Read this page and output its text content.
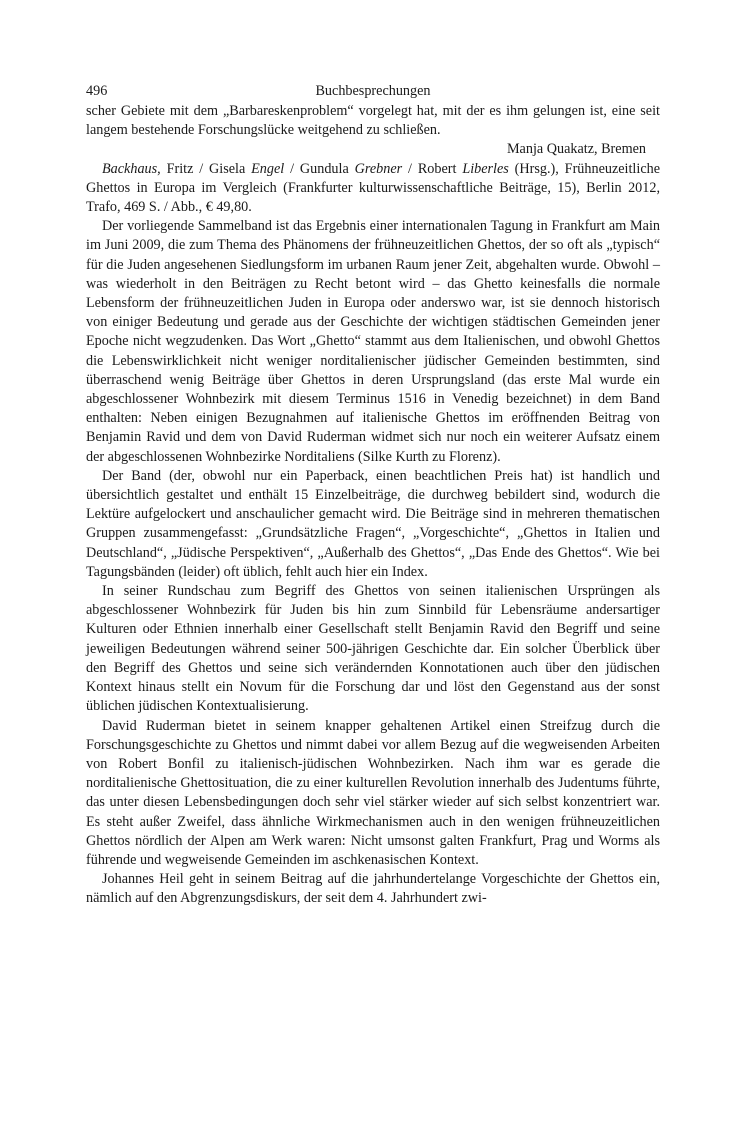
496	Buchbesprechungen

scher Gebiete mit dem „Barbareskenproblem“ vorgelegt hat, mit der es ihm gelungen ist, eine seit langem bestehende Forschungslücke weitgehend zu schließen.

Manja Quakatz, Bremen

Backhaus, Fritz / Gisela Engel / Gundula Grebner / Robert Liberles (Hrsg.), Frühneuzeitliche Ghettos in Europa im Vergleich (Frankfurter kulturwissenschaftliche Beiträge, 15), Berlin 2012, Trafo, 469 S. / Abb., € 49,80.

Der vorliegende Sammelband ist das Ergebnis einer internationalen Tagung in Frankfurt am Main im Juni 2009, die zum Thema des Phänomens der frühneuzeitlichen Ghettos, der so oft als „typisch“ für die Juden angesehenen Siedlungsform im urbanen Raum jener Zeit, abgehalten wurde. Obwohl – was wiederholt in den Beiträgen zu Recht betont wird – das Ghetto keinesfalls die normale Lebensform der frühneuzeitlichen Juden in Europa oder anderswo war, ist sie dennoch historisch von einiger Bedeutung und gerade aus der Geschichte der wichtigen städtischen Gemeinden jener Epoche nicht wegzudenken. Das Wort „Ghetto“ stammt aus dem Italienischen, und obwohl Ghettos die Lebenswirklichkeit nicht weniger norditalienischer jüdischer Gemeinden bestimmten, sind überraschend wenig Beiträge über Ghettos in deren Ursprungsland (das erste Mal wurde ein abgeschlossener Wohnbezirk mit diesem Terminus 1516 in Venedig bezeichnet) in dem Band enthalten: Neben einigen Bezugnahmen auf italienische Ghettos im eröffnenden Beitrag von Benjamin Ravid und dem von David Ruderman widmet sich nur noch ein weiterer Aufsatz einem der abgeschlossenen Wohnbezirke Norditaliens (Silke Kurth zu Florenz).

Der Band (der, obwohl nur ein Paperback, einen beachtlichen Preis hat) ist handlich und übersichtlich gestaltet und enthält 15 Einzelbeiträge, die durchweg bebildert sind, wodurch die Lektüre aufgelockert und anschaulicher gemacht wird. Die Beiträge sind in mehreren thematischen Gruppen zusammengefasst: „Grundsätzliche Fragen“, „Vorgeschichte“, „Ghettos in Italien und Deutschland“, „Jüdische Perspektiven“, „Außerhalb des Ghettos“, „Das Ende des Ghettos“. Wie bei Tagungsbänden (leider) oft üblich, fehlt auch hier ein Index.

In seiner Rundschau zum Begriff des Ghettos von seinen italienischen Ursprüngen als abgeschlossener Wohnbezirk für Juden bis hin zum Sinnbild für Lebensräume andersartiger Kulturen oder Ethnien innerhalb einer Gesellschaft stellt Benjamin Ravid den Begriff und seine jeweiligen Bedeutungen während seiner 500-jährigen Geschichte dar. Ein solcher Überblick über den Begriff des Ghettos und seine sich verändernden Konnotationen auch über den jüdischen Kontext hinaus stellt ein Novum für die Forschung dar und löst den Gegenstand aus der sonst üblichen jüdischen Kontextualisierung.

David Ruderman bietet in seinem knapper gehaltenen Artikel einen Streifzug durch die Forschungsgeschichte zu Ghettos und nimmt dabei vor allem Bezug auf die wegweisenden Arbeiten von Robert Bonfil zu italienisch-jüdischen Wohnbezirken. Nach ihm war es gerade die norditalienische Ghettosituation, die zu einer kulturellen Revolution innerhalb des Judentums führte, das unter diesen Lebensbedingungen doch sehr viel stärker wieder auf sich selbst konzentriert war. Es steht außer Zweifel, dass ähnliche Wirkmechanismen auch in den wenigen frühneuzeitlichen Ghettos nördlich der Alpen am Werk waren: Nicht umsonst galten Frankfurt, Prag und Worms als führende und wegweisende Gemeinden im aschkenasischen Kontext.

Johannes Heil geht in seinem Beitrag auf die jahrhundertelange Vorgeschichte der Ghettos ein, nämlich auf den Abgrenzungsdiskurs, der seit dem 4. Jahrhundert zwi-
